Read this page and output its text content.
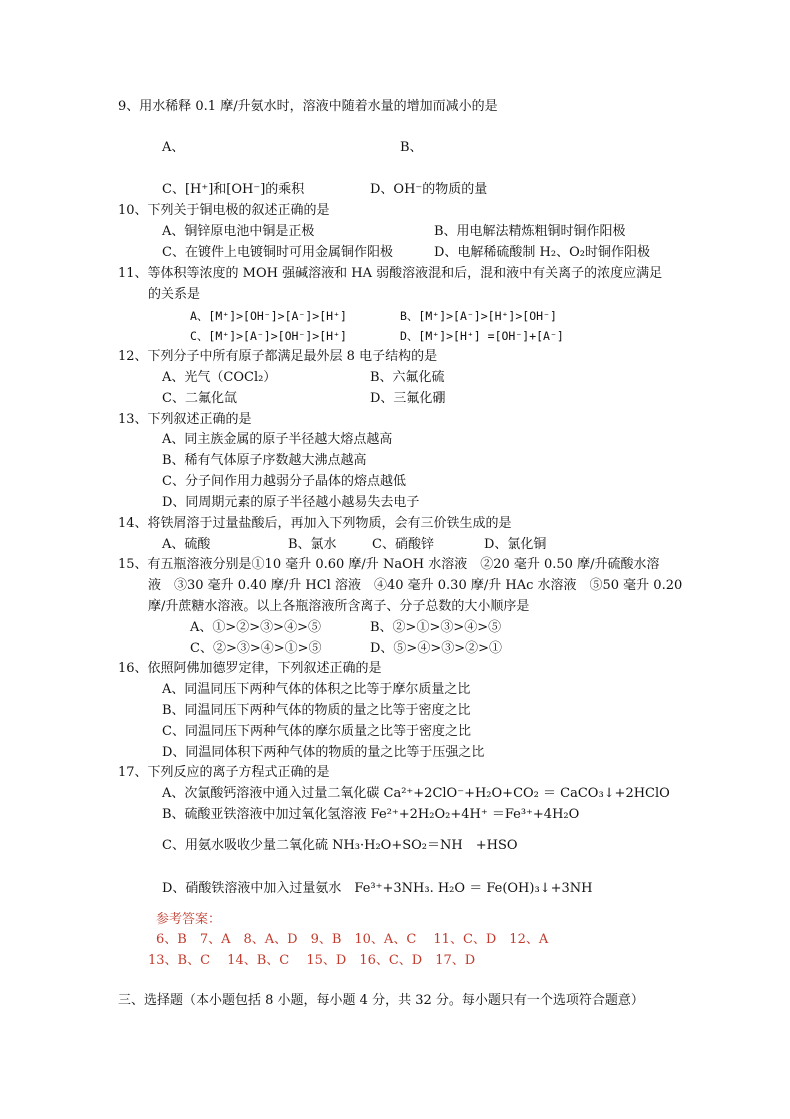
9、用水稀释 0.1 摩/升氨水时，溶液中随着水量的增加而减小的是
A、	B、
C、[H⁺]和[OH⁻]的乘积	D、OH⁻的物质的量
10、下列关于铜电极的叙述正确的是
A、铜锌原电池中铜是正极	B、用电解法精炼粗铜时铜作阳极
C、在镀件上电镀铜时可用金属铜作阳极	D、电解稀硫酸制 H₂、O₂时铜作阳极
11、等体积等浓度的 MOH 强碱溶液和 HA 弱酸溶液混和后，混和液中有关离子的浓度应满足
的关系是
A、[M⁺]>[OH⁻]>[A⁻]>[H⁺]	B、[M⁺]>[A⁻]>[H⁺]>[OH⁻]
C、[M⁺]>[A⁻]>[OH⁻]>[H⁺]	D、[M⁺]>[H⁺] =[OH⁻]+[A⁻]
12、下列分子中所有原子都满足最外层 8 电子结构的是
A、光气（COCl₂）	B、六氟化硫
C、二氟化氙	D、三氟化硼
13、下列叙述正确的是
A、同主族金属的原子半径越大熔点越高
B、稀有气体原子序数越大沸点越高
C、分子间作用力越弱分子晶体的熔点越低
D、同周期元素的原子半径越小越易失去电子
14、将铁屑溶于过量盐酸后，再加入下列物质，会有三价铁生成的是
A、硫酸	B、氯水	C、硝酸锌	D、氯化铜
15、有五瓶溶液分别是①10 毫升 0.60 摩/升 NaOH 水溶液　②20 毫升 0.50 摩/升硫酸水溶
液　③30 毫升 0.40 摩/升 HCl 溶液　④40 毫升 0.30 摩/升 HAc 水溶液　⑤50 毫升 0.20
摩/升蔗糖水溶液。以上各瓶溶液所含离子、分子总数的大小顺序是
A、①>②>③>④>⑤	B、②>①>③>④>⑤
C、②>③>④>①>⑤	D、⑤>④>③>②>①
16、依照阿佛加德罗定律，下列叙述正确的是
A、同温同压下两种气体的体积之比等于摩尔质量之比
B、同温同压下两种气体的物质的量之比等于密度之比
C、同温同压下两种气体的摩尔质量之比等于密度之比
D、同温同体积下两种气体的物质的量之比等于压强之比
17、下列反应的离子方程式正确的是
A、次氯酸钙溶液中通入过量二氧化碳 Ca²⁺+2ClO⁻+H₂O+CO₂ ＝ CaCO₃↓+2HClO
B、硫酸亚铁溶液中加过氧化氢溶液 Fe²⁺+2H₂O₂+4H⁺ ＝Fe³⁺+4H₂O
C、用氨水吸收少量二氧化硫 NH₃·H₂O+SO₂＝NH　+HSO
D、硝酸铁溶液中加入过量氨水　Fe³⁺+3NH₃. H₂O ＝ Fe(OH)₃↓+3NH
参考答案：
6、B　7、A　8、A、D　9、B　10、A、C　 11、C、D　12、A
13、B、C　 14、B、C　 15、D　16、C、D　17、D
三、选择题（本小题包括 8 小题，每小题 4 分，共 32 分。每小题只有一个选项符合题意）
